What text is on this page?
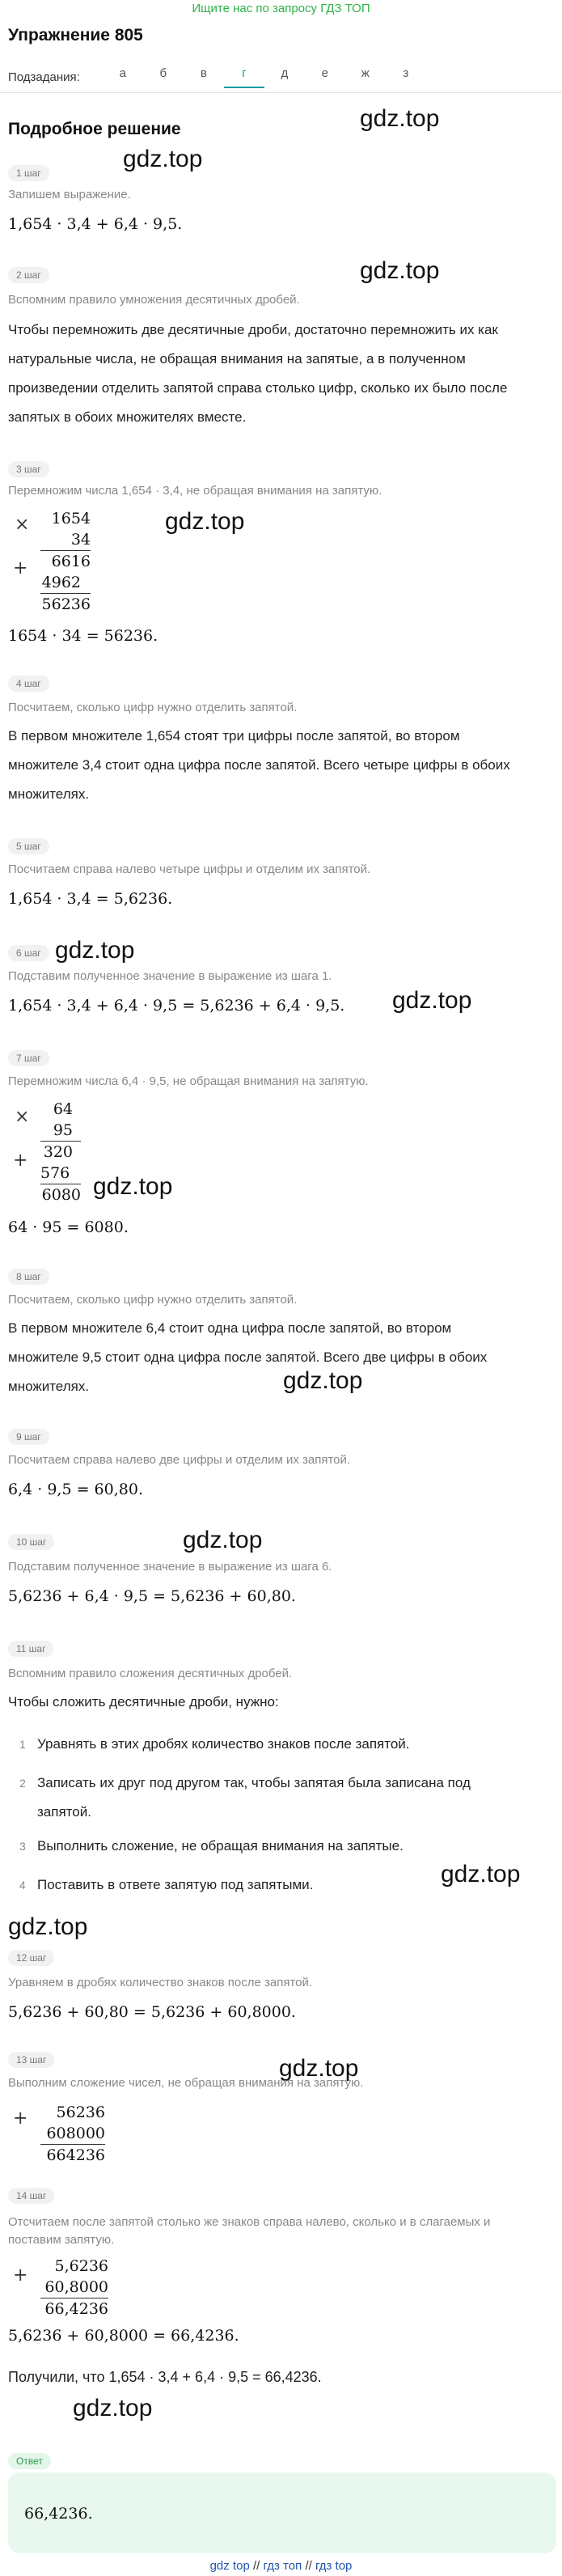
Ищите нас по запросу ГДЗ ТОП
Упражнение 805
Подзадания:	а	б	в	г	д	е	ж	з
Подробное решение	gdz.top
gdz.top
gdz.top
gdz.top
gdz.top
gdz.top
gdz.top
gdz.top
gdz.top
gdz.top
gdz.top
gdz.top
gdz.top
1 шаг
Запишем выражение.
1,654 · 3,4 + 6,4 · 9,5.
2 шаг
Вспомним правило умножения десятичных дробей.
Чтобы перемножить две десятичные дроби, достаточно перемножить их как
натуральные числа, не обращая внимания на запятые, а в полученном
произведении отделить запятой справа столько цифр, сколько их было после
запятых в обоих множителях вместе.
3 шаг
Перемножим числа 1,654 · 3,4, не обращая внимания на запятую.
×
+
1654
34
6616
4962
56236
1654 · 34 = 56236.
4 шаг
Посчитаем, сколько цифр нужно отделить запятой.
В первом множителе 1,654 стоят три цифры после запятой, во втором
множителе 3,4 стоит одна цифра после запятой. Всего четыре цифры в обоих
множителях.
5 шаг
Посчитаем справа налево четыре цифры и отделим их запятой.
1,654 · 3,4 = 5,6236.
6 шаг
Подставим полученное значение в выражение из шага 1.
1,654 · 3,4 + 6,4 · 9,5 = 5,6236 + 6,4 · 9,5.
7 шаг
Перемножим числа 6,4 · 9,5, не обращая внимания на запятую.
×
+
64
95
320
576
6080
64 · 95 = 6080.
8 шаг
Посчитаем, сколько цифр нужно отделить запятой.
В первом множителе 6,4 стоит одна цифра после запятой, во втором
множителе 9,5 стоит одна цифра после запятой. Всего две цифры в обоих
множителях.
9 шаг
Посчитаем справа налево две цифры и отделим их запятой.
6,4 · 9,5 = 60,80.
10 шаг
Подставим полученное значение в выражение из шага 6.
5,6236 + 6,4 · 9,5 = 5,6236 + 60,80.
11 шаг
Вспомним правило сложения десятичных дробей.
Чтобы сложить десятичные дроби, нужно:
1 Уравнять в этих дробях количество знаков после запятой.
2 Записать их друг под другом так, чтобы запятая была записана под
запятой.
3 Выполнить сложение, не обращая внимания на запятые.
4 Поставить в ответе запятую под запятыми.
12 шаг
Уравняем в дробях количество знаков после запятой.
5,6236 + 60,80 = 5,6236 + 60,8000.
13 шаг
Выполним сложение чисел, не обращая внимания на запятую.
+	56236
608000
664236
14 шаг
Отсчитаем после запятой столько же знаков справа налево, сколько и в слагаемых и
поставим запятую.
+	5,6236
60,8000
66,4236
5,6236 + 60,8000 = 66,4236.
Получили, что 1,654 · 3,4 + 6,4 · 9,5 = 66,4236.
Ответ
66,4236.
gdz top // гдз топ // гдз top
